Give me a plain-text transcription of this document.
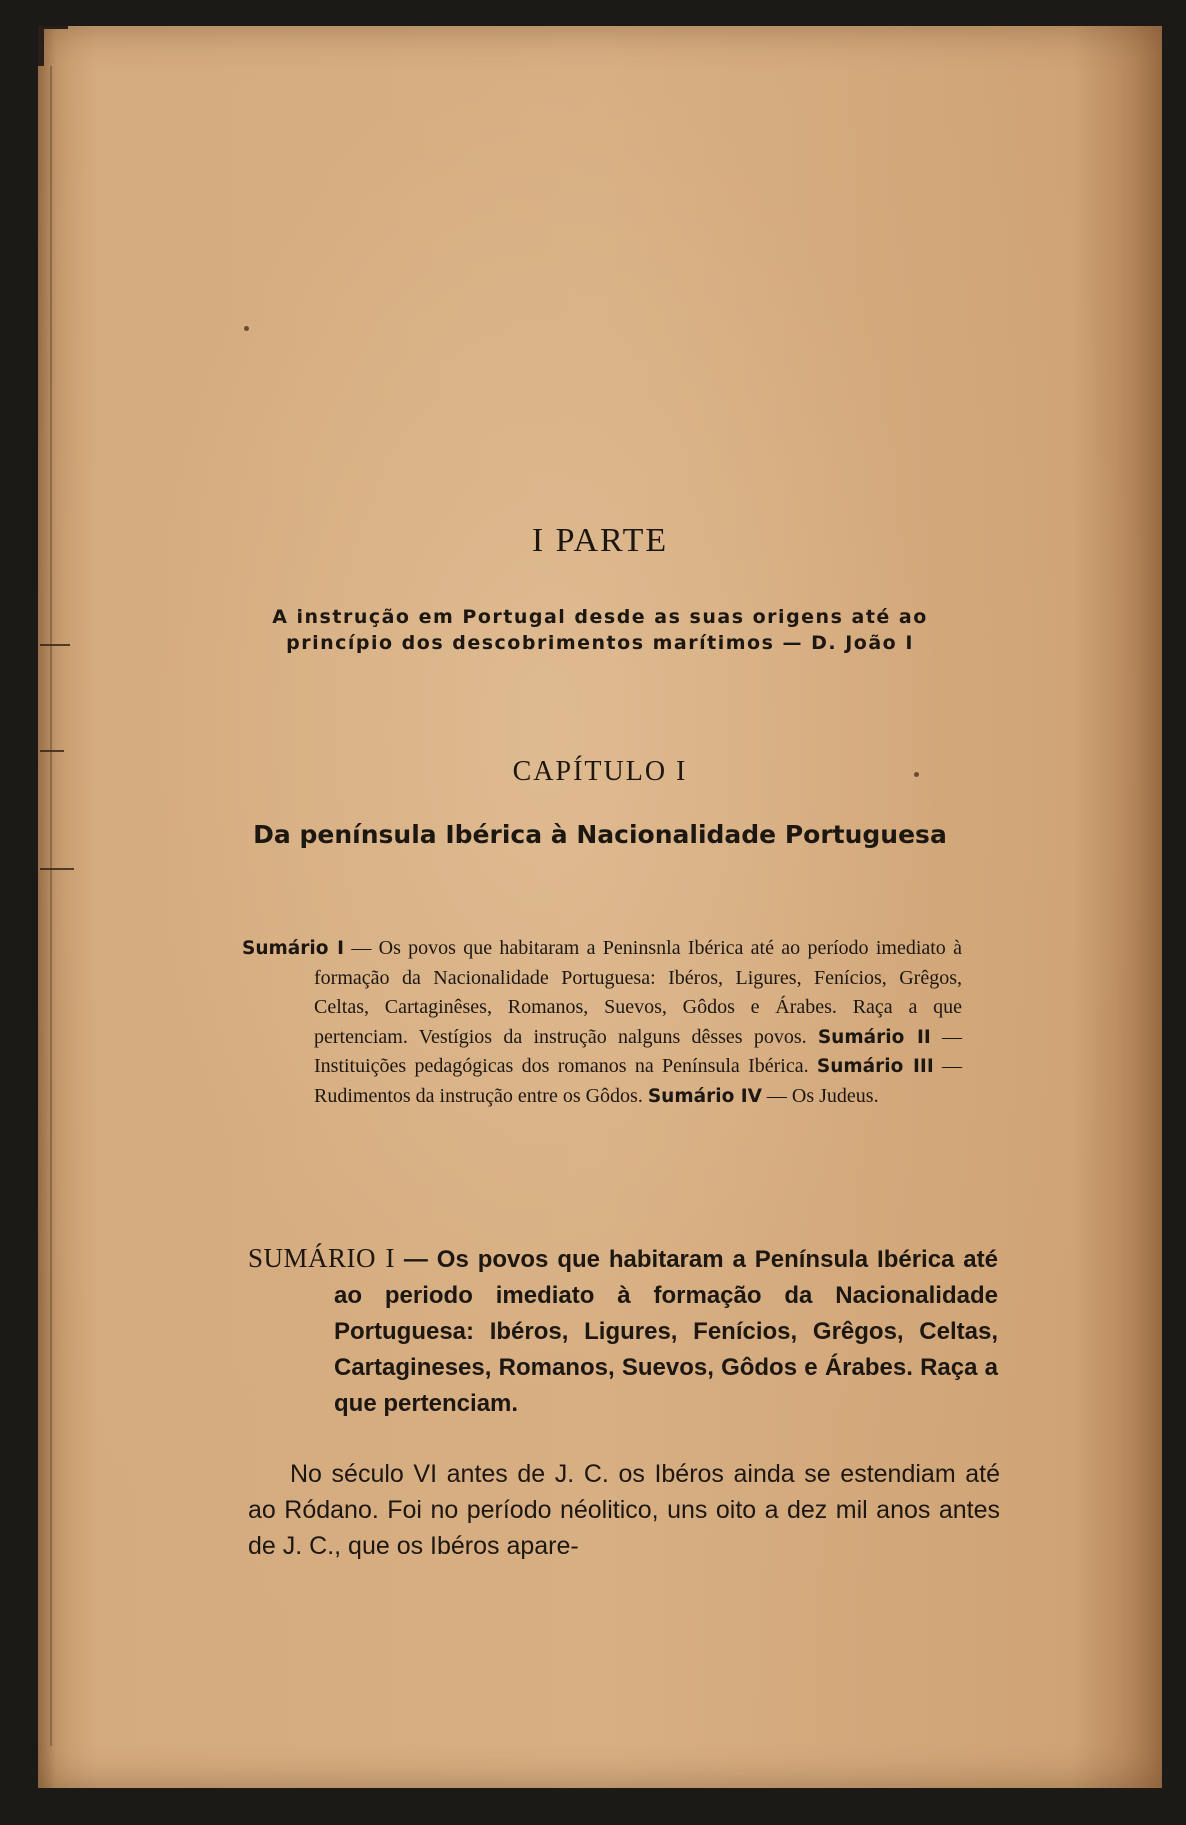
I PARTE
A instrução em Portugal desde as suas origens até ao princípio dos descobrimentos marítimos — D. João I
CAPÍTULO I
Da península Ibérica à Nacionalidade Portuguesa

Sumário I — Os povos que habitaram a Peninsnla Ibérica até ao período imediato à formação da Nacionalidade Portuguesa: Ibéros, Ligures, Fenícios, Grêgos, Celtas, Cartaginêses, Romanos, Suevos, Gôdos e Árabes. Raça a que pertenciam. Vestígios da instrução nalguns dêsses povos. Sumário II — Instituições pedagógicas dos romanos na Península Ibérica. Sumário III — Rudimentos da instrução entre os Gôdos. Sumário IV — Os Judeus.

SUMÁRIO I — Os povos que habitaram a Península Ibérica até ao periodo imediato à formação da Nacionalidade Portuguesa: Ibéros, Ligures, Fenícios, Grêgos, Celtas, Cartagineses, Romanos, Suevos, Gôdos e Árabes. Raça a que pertenciam.

No século VI antes de J. C. os Ibéros ainda se estendiam até ao Ródano. Foi no período néolitico, uns oito a dez mil anos antes de J. C., que os Ibéros apare-
